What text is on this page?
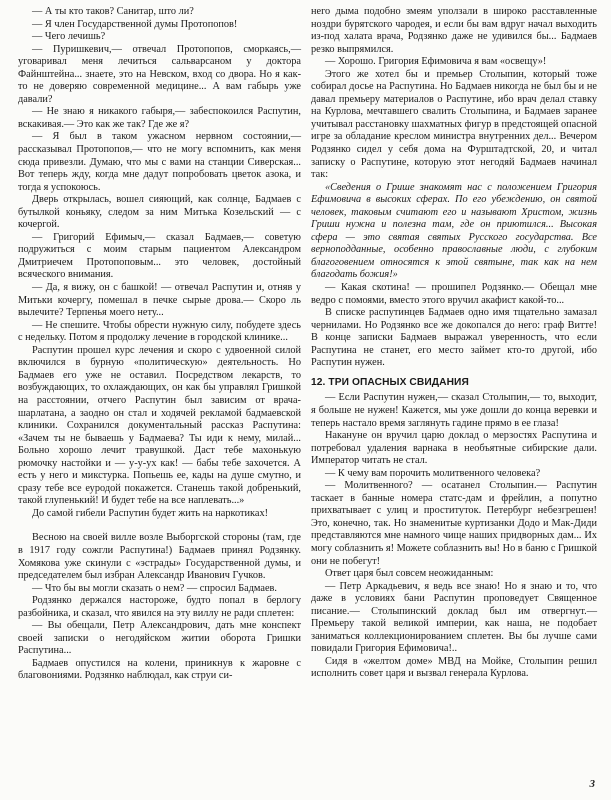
— А ты кто таков? Санитар, што ли?

— Я член Государственной думы Протопопов!

— Чего лечишь?

— Пуришкевич,— отвечал Протопопов, сморкаясь,— уговаривал меня лечиться сальварсаном у доктора Файнштейна... знаете, это на Невском, вход со двора. Но я как-то не доверяю современной медицине... А вам габырь уже давали?

— Не знаю я никакого габыря,— забеспокоился Распутин, вскакивая.— Это как же так? Где же я?

— Я был в таком ужасном нервном состоянии,— рассказывал Протопопов,— что не могу вспомнить, как меня сюда привезли. Думаю, что мы с вами на станции Сиверская... Вот теперь жду, когда мне дадут попробовать цветок азока, и тогда я успокоюсь.

Дверь открылась, вошел сияющий, как солнце, Бадмаев с бутылкой коньяку, следом за ним Митька Козельский — с кочергой.

— Григорий Ефимыч,— сказал Бадмаев,— советую подружиться с моим старым пациентом Александром Дмитриечем Протопоповым... это человек, достойный всяческого внимания.

— Да, я вижу, он с башкой! — отвечал Распутин и, отняв у Митьки кочергу, помешал в печке сырые дрова.— Скоро ль вылечите? Терпенья моего нету...

— Не спешите. Чтобы обрести нужную силу, побудете здесь с недельку. Потом я продолжу лечение в городской клинике...

Распутин прошел курс лечения и скоро с удвоенной силой включился в бурную «политическую» деятельность. Но Бадмаев его уже не оставил. Посредством лекарств, то возбуждающих, то охлаждающих, он как бы управлял Гришкой на расстоянии, отчего Распутин был зависим от врача-шарлатана, а заодно он стал и ходячей рекламой бадмаевской клиники. Сохранился документальный рассказ Распутина: «Зачем ты не бываешь у Бадмаева? Ты иди к нему, милай... Больно хорошо лечит травушкой. Даст тебе махонькую рюмочку настойки и — у-у-ух как! — бабы тебе захочется. А есть у него и микстурка. Попьешь ее, кады на душе смутно, и сразу тебе все еуродой покажется. Станешь такой добренький, такой глупенький! И будет тебе на все наплевать...»

До самой гибели Распутин будет жить на наркотиках!

Весною на своей вилле возле Выборгской стороны (там, где в 1917 году сожгли Распутина!) Бадмаев принял Родзянку. Хомякова уже скинули с «эстрады» Государственной думы, и председателем был избран Александр Иванович Гучков.

— Что бы вы могли сказать о нем? — спросил Бадмаев.

Родзянко держался настороже, будто попал в берлогу разбойника, и сказал, что явился на эту виллу не ради сплетен:

— Вы обещали, Петр Александрович, дать мне конспект своей записки о негодяйском житии оборота Гришки Распутина...

Бадмаев опустился на колени, приникнув к жаровне с благовониями. Родзянко наблюдал, как струи си-

него дыма подобно змеям уползали в широко расставленные ноздри бурятского чародея, и если бы вам вдруг начал выходить из-под халата врача, Родзянко даже не удивился бы... Бадмаев резко выпрямился.

— Хорошо. Григория Ефимовича я вам «освещу»!

Этого же хотел бы и премьер Столыпин, который тоже собирал досье на Распутина. Но Бадмаев никогда не был бы и не давал премьеру материалов о Распутине, ибо врач делал ставку на Курлова, мечтавшего свалить Столыпина, и Бадмаев заранее учитывал расстановку шахматных фигур в предстоящей опасной игре за обладание креслом министра внутренних дел... Вечером Родзянко сидел у себя дома на Фурштадтской, 20, и читал записку о Распутине, которую этот негодяй Бадмаев начинал так:

«Сведения о Грише знакомят нас с положением Григория Ефимовича в высоких сферах. По его убеждению, он святой человек, таковым считают его и называют Христом, жизнь Гриши нужна и полезна там, где он приютился... Высокая сфера — это святая святых Русского государства. Все верноподданные, особенно православные люди, с глубоким благоговением относятся к этой святыне, так как на нем благодать божия!»

— Какая скотина! — прошипел Родзянко.— Обещал мне ведро с помоями, вместо этого вручил акафист какой-то...

В списке распутинцев Бадмаев одно имя тщательно замазал чернилами. Но Родзянко все же докопался до него: граф Витте! В конце записки Бадмаев выражал уверенность, что если Распутина не станет, его место займет кто-то другой, ибо Распутин нужен.

12. ТРИ ОПАСНЫХ СВИДАНИЯ

— Если Распутин нужен,— сказал Столыпин,— то, выходит, я больше не нужен! Кажется, мы уже дошли до конца веревки и теперь настало время заглянуть гадине прямо в ее глаза!

Накануне он вручил царю доклад о мерзостях Распутина и потребовал удаления варнака в необъятные сибирские дали. Император читать не стал.

— К чему вам порочить молитвенного человека?

— Молитвенного? — осатанел Столыпин.— Распутин таскает в банные номера статс-дам и фрейлин, а попутно прихватывает с улиц и проституток. Петербург небезгрешен! Это, конечно, так. Но знаменитые куртизанки Додо и Мак-Диди представляются мне намного чище наших придворных дам... Их могу соблазнить я! Можете соблазнить вы! Но в баню с Гришкой они не побегут!

Ответ царя был совсем неожиданным:

— Петр Аркадьевич, я ведь все знаю! Но я знаю и то, что даже в условиях бани Распутин проповедует Священное писание.— Столыпинский доклад был им отвергнут.— Премьеру такой великой империи, как наша, не подобает заниматься коллекционированием сплетен. Вы бы лучше сами повидали Григория Ефимовича!..

Сидя в «желтом доме» МВД на Мойке, Столыпин решил исполнить совет царя и вызвал генерала Курлова.

3
